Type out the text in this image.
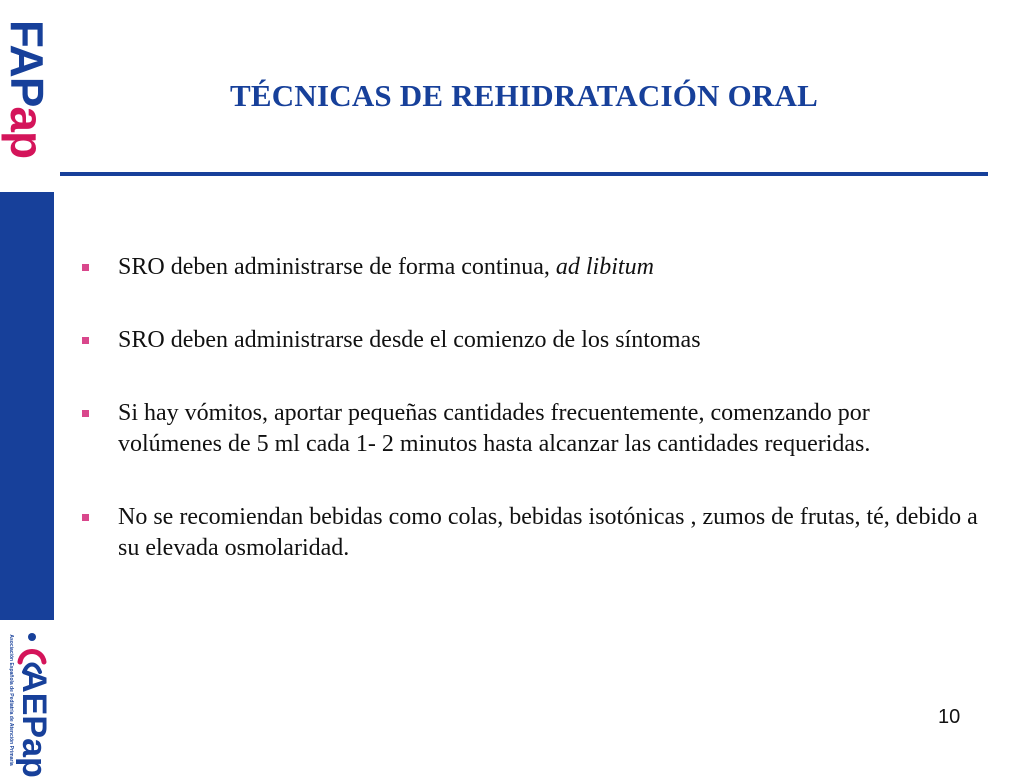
FAPap
Asociación Española de Pediatría de Atención Primaria AEPap
TÉCNICAS DE REHIDRATACIÓN ORAL
SRO deben administrarse de forma continua, ad libitum
SRO deben administrarse desde el comienzo de los síntomas
Si hay vómitos, aportar pequeñas cantidades frecuentemente, comenzando por volúmenes de 5 ml cada 1- 2 minutos hasta alcanzar las cantidades requeridas.
No se recomiendan bebidas como colas, bebidas isotónicas , zumos de frutas, té, debido a su elevada osmolaridad.
10
